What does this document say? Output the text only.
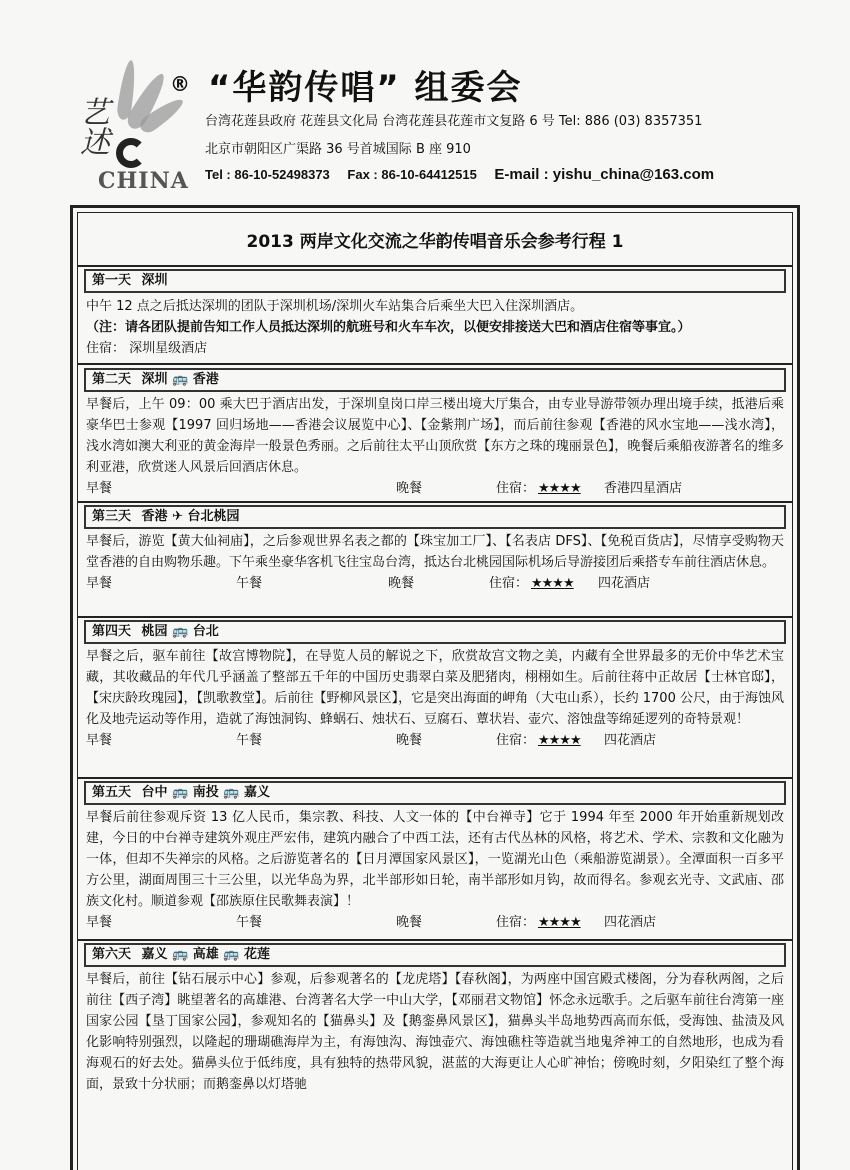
艺述
CHINA
® “华韵传唱” 组委会
台湾花莲县政府 花莲县文化局 台湾花莲县花莲市文复路 6 号 Tel: 886 (03) 8357351
北京市朝阳区广渠路 36 号首城国际 B 座 910
Tel : 86-10-52498373 Fax : 86-10-64412515 E-mail : yishu_china@163.com
2013 两岸文化交流之华韵传唱音乐会参考行程 1
第一天 深圳

中午 12 点之后抵达深圳的团队于深圳机场/深圳火车站集合后乘坐大巴入住深圳酒店。

（注：请各团队提前告知工作人员抵达深圳的航班号和火车车次，以便安排接送大巴和酒店住宿等事宜。）

住宿： 深圳星级酒店

第二天 深圳 🚌 香港

早餐后，上午 09：00 乘大巴于酒店出发，于深圳皇岗口岸三楼出境大厅集合，由专业导游带领办理出境手续，抵港后乘豪华巴士参观【1997 回归场地——香港会议展览中心】、【金紫荆广场】，而后前往参观【香港的风水宝地——浅水湾】，浅水湾如澳大利亚的黄金海岸一般景色秀丽。之后前往太平山顶欣赏【东方之珠的瑰丽景色】，晚餐后乘船夜游著名的维多利亚港，欣赏迷人风景后回酒店休息。

早餐	晚餐	住宿： ★★★★ 香港四星酒店
第三天 香港 ✈ 台北桃园

早餐后，游览【黄大仙祠庙】，之后参观世界名表之都的【珠宝加工厂】、【名表店 DFS】、【免税百货店】，尽情享受购物天堂香港的自由购物乐趣。下午乘坐豪华客机飞往宝岛台湾，抵达台北桃园国际机场后导游接团后乘搭专车前往酒店休息。

早餐	午餐	晚餐	住宿： ★★★★ 四花酒店
第四天 桃园 🚌 台北

早餐之后，驱车前往【故宫博物院】，在导览人员的解说之下，欣赏故宫文物之美，内藏有全世界最多的无价中华艺术宝藏，其收藏品的年代几乎涵盖了整部五千年的中国历史翡翠白菜及肥猪肉，栩栩如生。后前往蒋中正故居【士林官邸】，【宋庆龄玫瑰园】，【凯歌教堂】。后前往【野柳风景区】，它是突出海面的岬角（大屯山系），长约 1700 公尺，由于海蚀风化及地壳运动等作用，造就了海蚀洞钩、蜂蜗石、烛状石、豆腐石、蕈状岩、壶穴、溶蚀盘等绵延逻列的奇特景观！

早餐	午餐	晚餐	住宿： ★★★★ 四花酒店
第五天 台中 🚌 南投 🚌 嘉义

早餐后前往参观斥资 13 亿人民币，集宗教、科技、人文一体的【中台禅寺】它于 1994 年至 2000 年开始重新规划改建，今日的中台禅寺建筑外观庄严宏伟，建筑内融合了中西工法，还有古代丛林的风格，将艺术、学术、宗教和文化融为一体，但却不失禅宗的风格。之后游览著名的【日月潭国家风景区】，一览湖光山色（乘船游览湖景）。全潭面积一百多平方公里，湖面周围三十三公里，以光华岛为界，北半部形如日轮，南半部形如月钩，故而得名。参观玄光寺、文武庙、邵族文化村。顺道参观【邵族原住民歌舞表演】！

早餐	午餐	晚餐	住宿： ★★★★ 四花酒店
第六天 嘉义 🚌 高雄 🚌 花莲

早餐后，前往【钻石展示中心】参观，后参观著名的【龙虎塔】【春秋阁】，为两座中国宫殿式楼阁，分为春秋两阁，之后前往【西子湾】眺望著名的高雄港、台湾著名大学一中山大学，【邓丽君文物馆】怀念永远歌手。之后驱车前往台湾第一座国家公园【垦丁国家公园】，参观知名的【猫鼻头】及【鹅銮鼻风景区】，猫鼻头半岛地势西高而东低，受海蚀、盐渍及风化影响特别强烈，以隆起的珊瑚礁海岸为主，有海蚀沟、海蚀壶穴、海蚀礁柱等造就当地鬼斧神工的自然地形，也成为看海观石的好去处。猫鼻头位于低纬度，具有独特的热带风貌，湛蓝的大海更让人心旷神怡；傍晚时刻，夕阳染红了整个海面，景致十分状丽；而鹅銮鼻以灯塔驰
